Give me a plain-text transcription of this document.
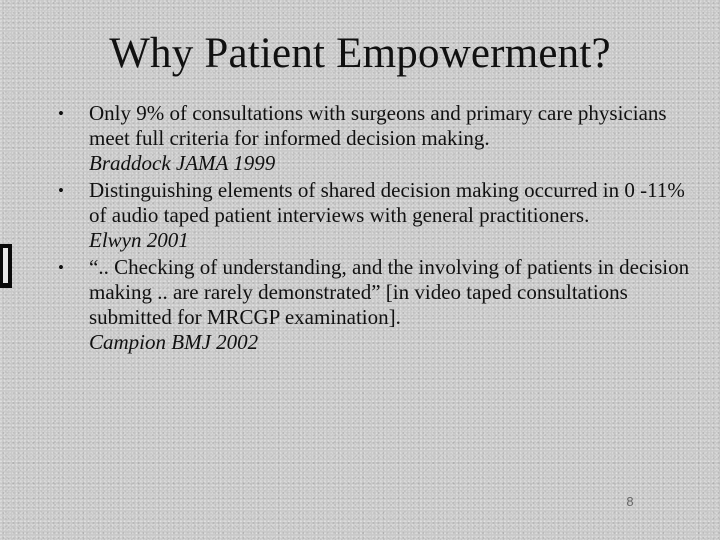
Why Patient Empowerment?
• Only 9% of consultations with surgeons and primary care physicians meet full criteria for informed decision making.
Braddock JAMA 1999
• Distinguishing elements of shared decision making occurred in 0 -11% of audio taped patient interviews with general practitioners.
Elwyn 2001
• “.. Checking of understanding, and the involving of patients in decision making .. are rarely demonstrated” [in video taped consultations submitted for MRCGP examination].
Campion BMJ 2002
8
